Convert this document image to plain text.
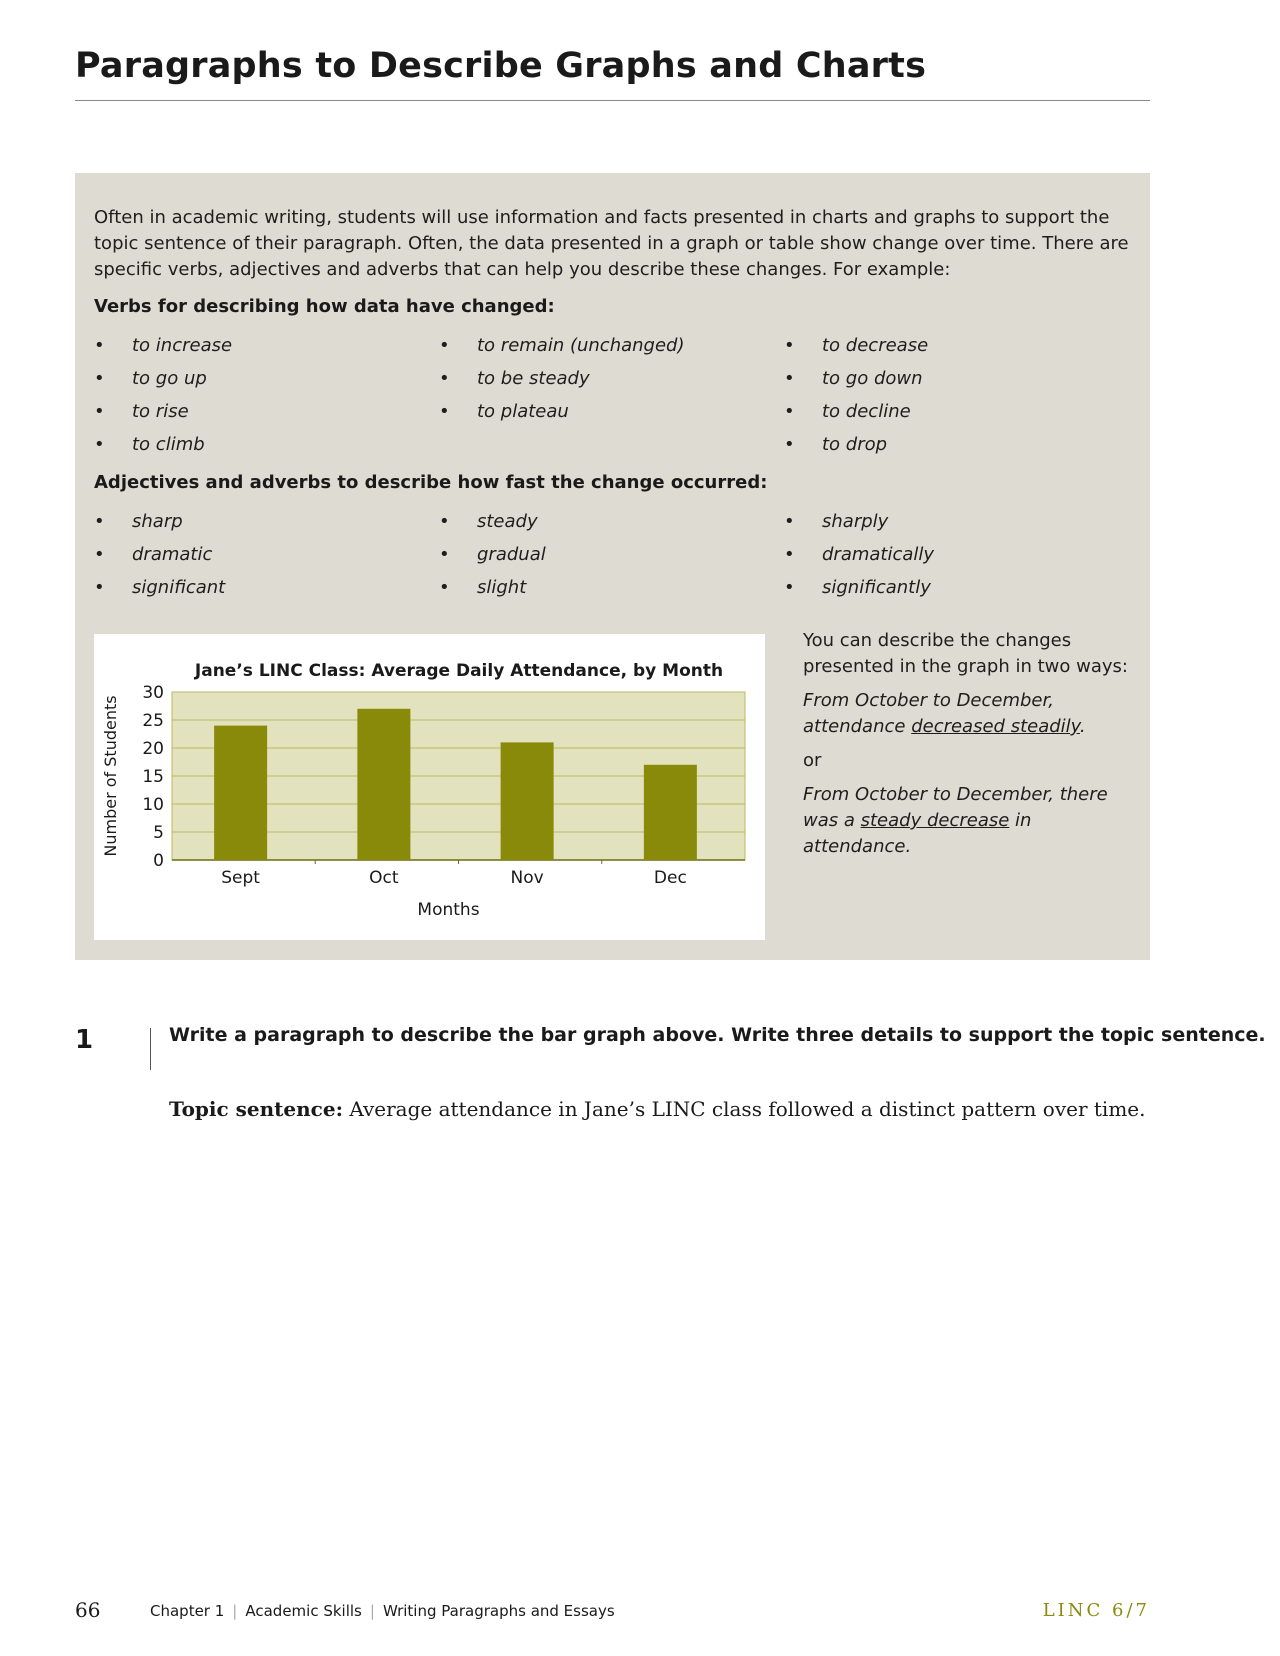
Paragraphs to Describe Graphs and Charts

Often in academic writing, students will use information and facts presented in charts and graphs to support the topic sentence of their paragraph. Often, the data presented in a graph or table show change over time. There are specific verbs, adjectives and adverbs that can help you describe these changes. For example:

Verbs for describing how data have changed:
• to increase
• to go up
• to rise
• to climb
• to remain (unchanged)
• to be steady
• to plateau
• to decrease
• to go down
• to decline
• to drop
Adjectives and adverbs to describe how fast the change occurred:
• sharp
• dramatic
• significant
• steady
• gradual
• slight
• sharply
• dramatically
• significantly
Jane’s LINC Class: Average Daily Attendance, by Month
0
5
10
15
20
25
30
Sept	Oct	Nov	Dec
Months
Number of Students

You can describe the changes presented in the graph in two ways:

From October to December, attendance decreased steadily.

or

From October to December, there was a steady decrease in attendance.

1	Write a paragraph to describe the bar graph above. Write three details to support the topic sentence.

Topic sentence: Average attendance in Jane’s LINC class followed a distinct pattern over time.

66	Chapter 1 | Academic Skills | Writing Paragraphs and Essays	LINC 6/7
